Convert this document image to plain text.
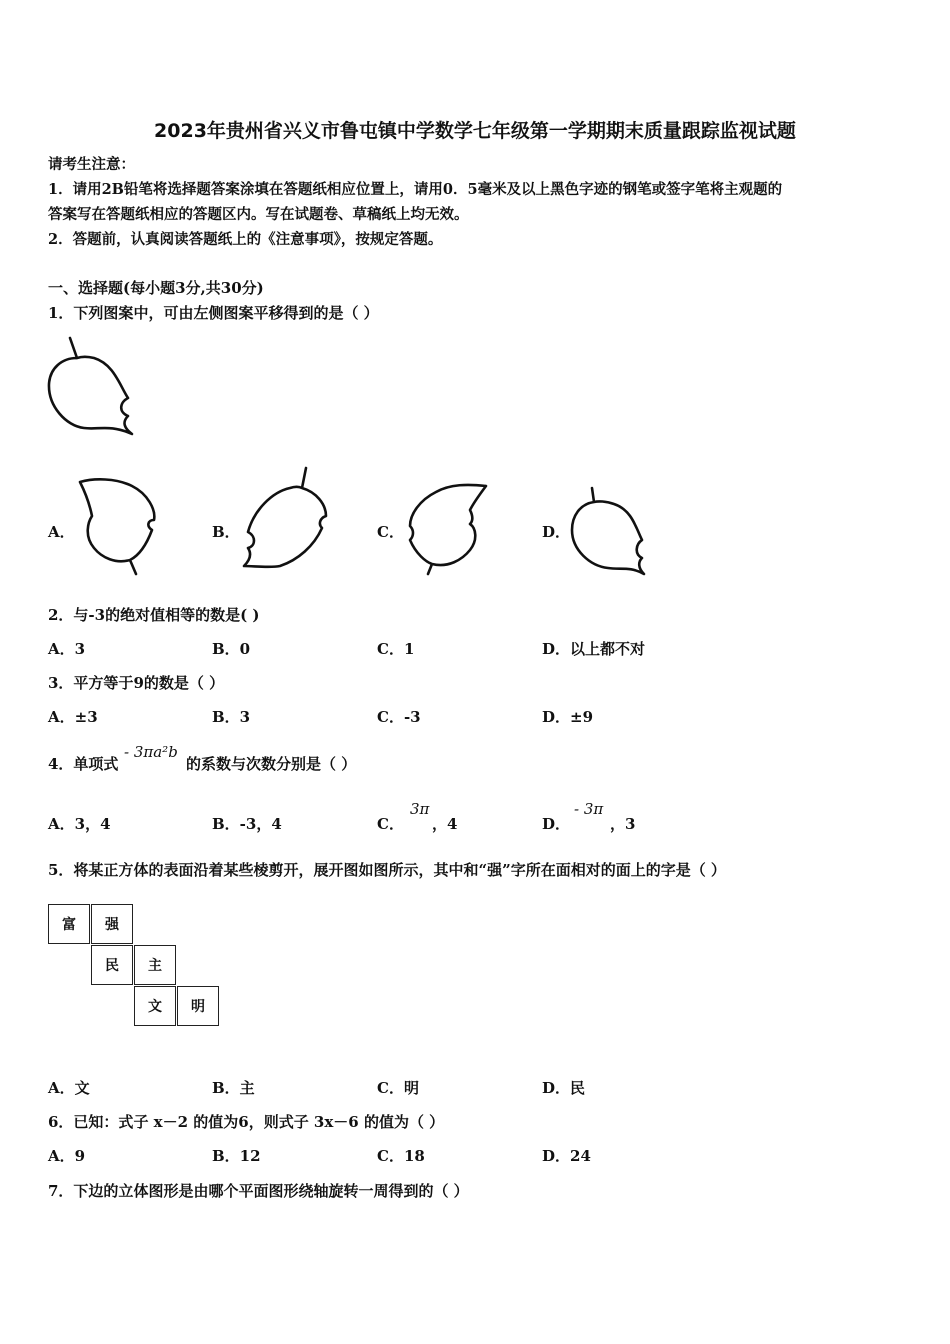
2023年贵州省兴义市鲁屯镇中学数学七年级第一学期期末质量跟踪监视试题
请考生注意：
1．请用2B铅笔将选择题答案涂填在答题纸相应位置上，请用0．5毫米及以上黑色字迹的钢笔或签字笔将主观题的
答案写在答题纸相应的答题区内。写在试题卷、草稿纸上均无效。
2．答题前，认真阅读答题纸上的《注意事项》，按规定答题。
一、选择题(每小题3分,共30分)
1．下列图案中，可由左侧图案平移得到的是（ ）
A．	B．	C．	D．
2．与-3的绝对值相等的数是( )
A．3	B．0	C．1	D．以上都不对
3．平方等于9的数是（ ）
A．±3	B．3	C．-3	D．±9
4．单项式
- 3πa²b
的系数与次数分别是（ ）
A．3，4	B．-3，4	C．
3π
，4	D．
- 3π
，3
5．将某正方体的表面沿着某些棱剪开，展开图如图所示，其中和“强”字所在面相对的面上的字是（ ）
富	强
民	主
文	明
A．文	B．主	C．明	D．民
6．已知：式子 x－2 的值为6，则式子 3x－6 的值为（ ）
A．9	B．12	C．18	D．24
7．下边的立体图形是由哪个平面图形绕轴旋转一周得到的（ ）
